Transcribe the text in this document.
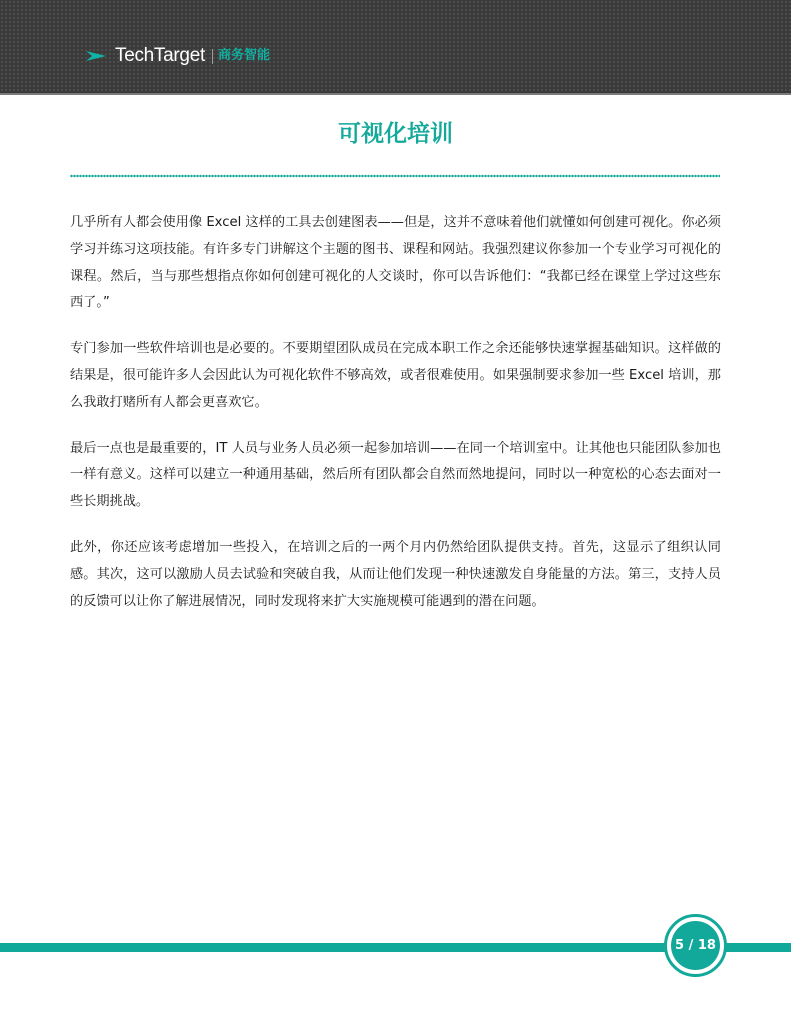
TechTarget 商务智能
可视化培训

几乎所有人都会使用像 Excel 这样的工具去创建图表——但是，这并不意味着他们就懂如何创建可视化。你必须学习并练习这项技能。有许多专门讲解这个主题的图书、课程和网站。我强烈建议你参加一个专业学习可视化的课程。然后，当与那些想指点你如何创建可视化的人交谈时，你可以告诉他们：“我都已经在课堂上学过这些东西了。”

专门参加一些软件培训也是必要的。不要期望团队成员在完成本职工作之余还能够快速掌握基础知识。这样做的结果是，很可能许多人会因此认为可视化软件不够高效，或者很难使用。如果强制要求参加一些 Excel 培训，那么我敢打赌所有人都会更喜欢它。

最后一点也是最重要的，IT 人员与业务人员必须一起参加培训——在同一个培训室中。让其他也只能团队参加也一样有意义。这样可以建立一种通用基础，然后所有团队都会自然而然地提问，同时以一种宽松的心态去面对一些长期挑战。

此外，你还应该考虑增加一些投入，在培训之后的一两个月内仍然给团队提供支持。首先，这显示了组织认同感。其次，这可以激励人员去试验和突破自我，从而让他们发现一种快速激发自身能量的方法。第三，支持人员的反馈可以让你了解进展情况，同时发现将来扩大实施规模可能遇到的潜在问题。

5 / 18
